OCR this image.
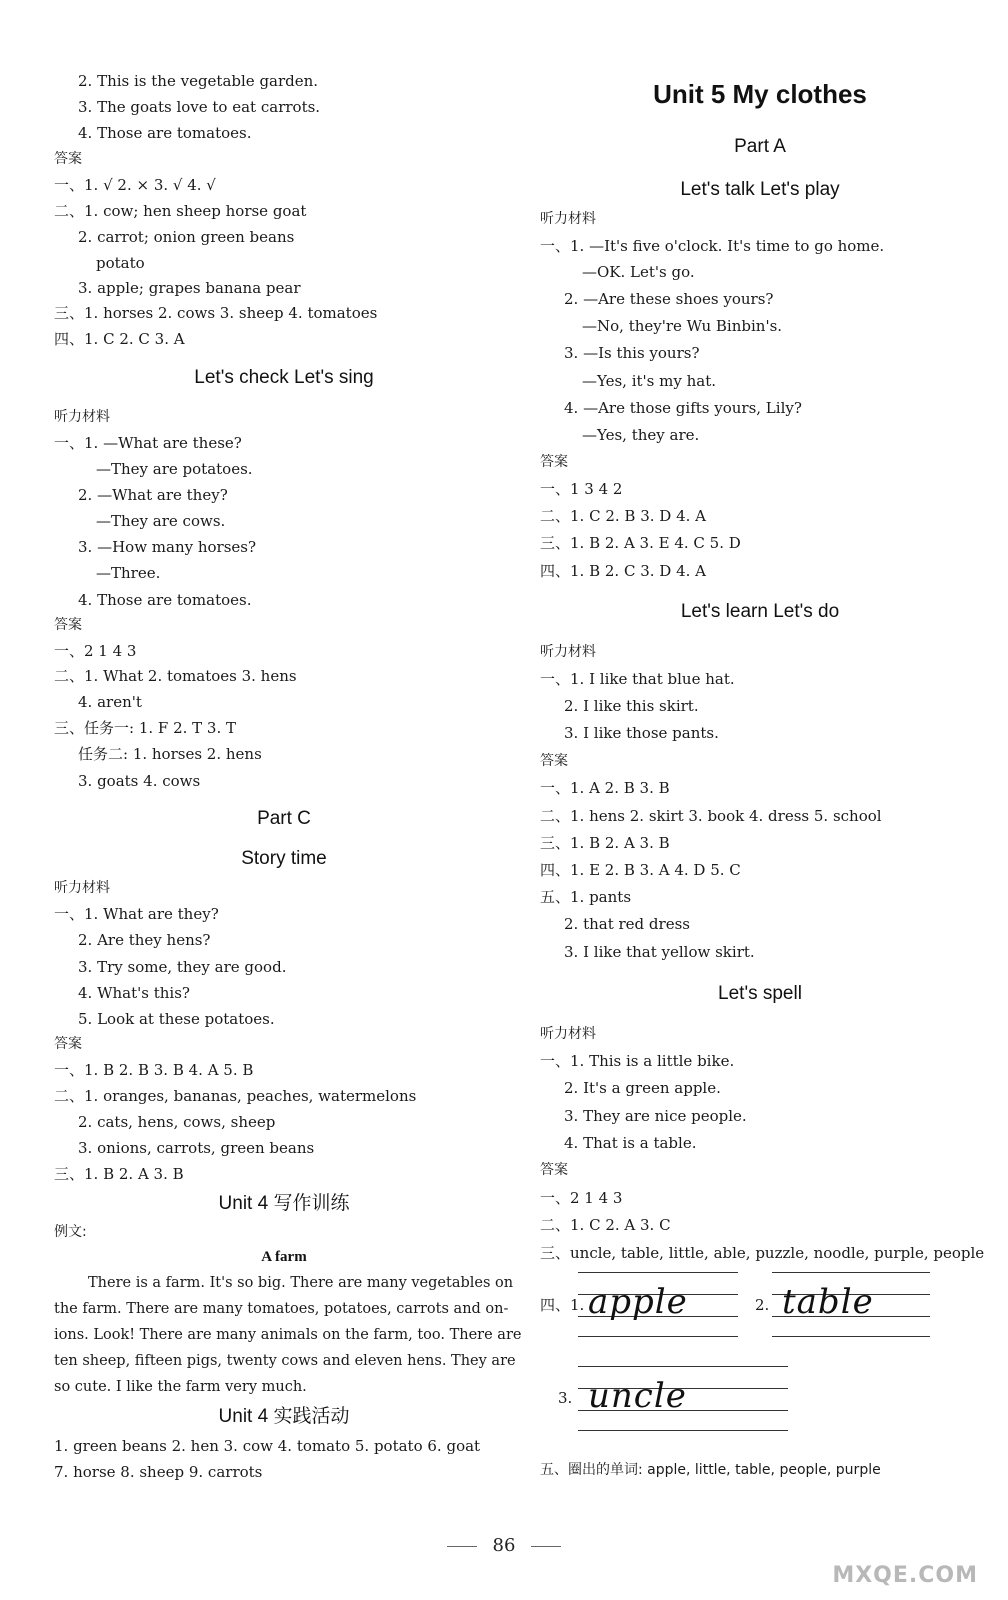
2. This is the vegetable garden.
3. The goats love to eat carrots.
4. Those are tomatoes.
答案
一、1. √ 2. × 3. √ 4. √
二、1. cow; hen sheep horse goat
2. carrot; onion green beans
potato
3. apple; grapes banana pear
三、1. horses 2. cows 3. sheep 4. tomatoes
四、1. C 2. C 3. A
Let's check Let's sing
听力材料
一、1. —What are these?
—They are potatoes.
2. —What are they?
—They are cows.
3. —How many horses?
—Three.
4. Those are tomatoes.
答案
一、2 1 4 3
二、1. What 2. tomatoes 3. hens
4. aren't
三、任务一: 1. F 2. T 3. T
任务二: 1. horses 2. hens
3. goats 4. cows
Part C
Story time
听力材料
一、1. What are they?
2. Are they hens?
3. Try some, they are good.
4. What's this?
5. Look at these potatoes.
答案
一、1. B 2. B 3. B 4. A 5. B
二、1. oranges, bananas, peaches, watermelons
2. cats, hens, cows, sheep
3. onions, carrots, green beans
三、1. B 2. A 3. B
Unit 4 写作训练
例文:
A farm
There is a farm. It's so big. There are many vegetables on
the farm. There are many tomatoes, potatoes, carrots and on-
ions. Look! There are many animals on the farm, too. There are
ten sheep, fifteen pigs, twenty cows and eleven hens. They are
so cute. I like the farm very much.
Unit 4 实践活动
1. green beans 2. hen 3. cow 4. tomato 5. potato 6. goat
7. horse 8. sheep 9. carrots
Unit 5 My clothes
Part A
Let's talk Let's play
听力材料
一、1. —It's five o'clock. It's time to go home.
—OK. Let's go.
2. —Are these shoes yours?
—No, they're Wu Binbin's.
3. —Is this yours?
—Yes, it's my hat.
4. —Are those gifts yours, Lily?
—Yes, they are.
答案
一、1 3 4 2
二、1. C 2. B 3. D 4. A
三、1. B 2. A 3. E 4. C 5. D
四、1. B 2. C 3. D 4. A
Let's learn Let's do
听力材料
一、1. I like that blue hat.
2. I like this skirt.
3. I like those pants.
答案
一、1. A 2. B 3. B
二、1. hens 2. skirt 3. book 4. dress 5. school
三、1. B 2. A 3. B
四、1. E 2. B 3. A 4. D 5. C
五、1. pants
2. that red dress
3. I like that yellow skirt.
Let's spell
听力材料
一、1. This is a little bike.
2. It's a green apple.
3. They are nice people.
4. That is a table.
答案
一、2 1 4 3
二、1. C 2. A 3. C
三、uncle, table, little, able, puzzle, noodle, purple, people
四、1. apple	2. table
3. uncle
五、圈出的单词: apple, little, table, people, purple
86
MXQE.COM
